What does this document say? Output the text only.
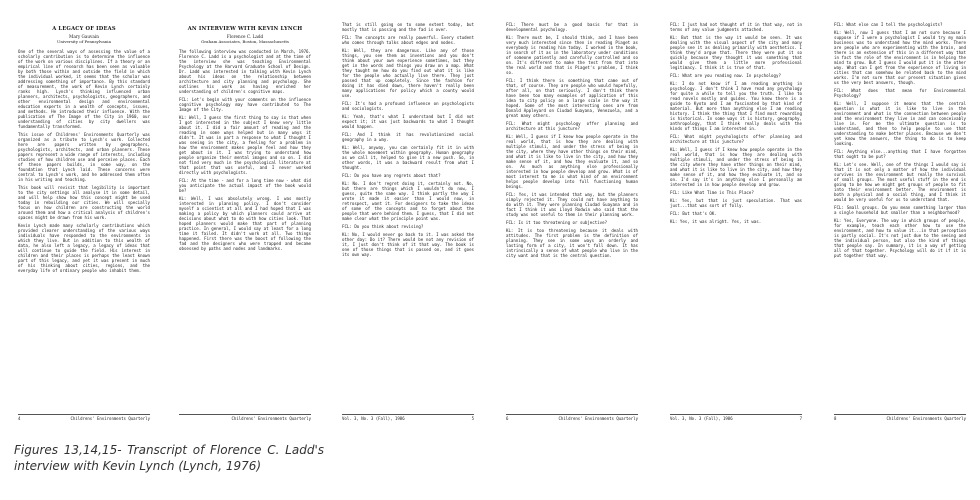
A LEGACY OF IDEAS
Mary Gauvain
University of Pennsylvania

One of the several ways of assessing the value of a scholarly contribution is to determine the influence of the work on various disciplines. If a theory or an empirical line of research has been seen as valuable by both those within and outside the field in which the individual worked, it seems that the scholar was addressing something of importance. By this standard of measurement, the work of Kevin Lynch certainly ranks high. Lynch's thinking influenced urban planners, architects, psychologists, geographers, and other environmental design and environmental education experts in a wealth of concepts, issues, and methods. He introduced their influence. With the publication of The Image of the City in 1960, our understanding of cities by city dwellers was fundamentally transformed.

This issue of Childrens' Environments Quarterly was organized as a tribute to Lynch's work. Collected here are papers written by geographers, psychologists, architects, and urban planners. These papers represent a wide range of interests, including studies of how children use and perceive places. Each of these papers builds, in some way, on the foundation that Lynch laid. These concerns were central to Lynch's work, and he addressed them often in his writing and teaching.

This book will revisit that legibility is important to the city settings all analyse it in some detail, and will help show how this concept might be used today in rebuilding our cities. We will specially focus on how children are constructing the world around them and how a critical analysis of children's spaces might be drawn from his work.

Kevin Lynch made many scholarly contributions which provided clearer understanding of the various ways individuals have responded to the environments in which they live. But in addition to this wealth of data, he also left a legacy, a legacy of ideas that will continue to guide the field. His interest in children and their places is perhaps the least known part of this legacy, and yet it was present in much of his thinking about cities, regions, and the everyday life of ordinary people who inhabit them.

4	Childrens' Environments Quarterly
AN INTERVIEW WITH KEVIN LYNCH
Florence C. Ladd
Graham Associates, Boston, Massachusetts

The following interview was conducted in March, 1976. Florence C. Ladd is a psychologist and at the time of the interview she was teaching Environmental Psychology at the Harvard Graduate School of Design. Dr. Ladd was interested in talking with Kevin Lynch about his ideas on the relationship between architecture and city planning and psychology. She outlines his work as having enriched her understanding of children's cognitive maps.

FCL: Let's begin with your comments on the influence cognitive psychology may have contributed to The Image of the City.

KL: Well, I guess the first thing to say is that when I got interested in the subject I knew very little about it. I did a fair amount of reading and the reading in some ways helped but in many ways it didn't. It was in part a response to what I thought I was seeing in the city, a feeling for a problem in how the environment makes people feel and how they get about in it. I was trying to understand how people organize their mental images and so on. I did not find very much in the psychological literature at that point that was useful, and I never worked directly with psychologists.

FCL: At the time - and for a long time now - what did you anticipate the actual impact of the book would be?

KL: Well, I was absolutely wrong. I was mostly interested in planning policy. I don't consider myself a scientist at all and I had hoped that I was making a policy by which planners could arrive at decisions about what to do with how cities look. That hoped planners would make that part of planning practice. In general, I would say at least for a long time it failed. It didn't work at all. Two things happened. First there was the boost of following the fad and the designers who were trapped and became obsessed by paths and nodes and landmarks.

Childrens' Environments Quarterly

That is still going on to some extent today, but mostly that is passing and the fad is over.

FCL: The concepts are really powerful. Every student who comes through talks about edges and nodes.

KL: Well, they are dangerous. Like any of those things, you see them as inventions and you don't think about your own experience sometimes, but they get in the words and things you draw on a map. What they taught me how do you find out what it is like for the people who actually live there. They just passed that up completely. Since the fashion for doing it has died down, there haven't really been many applications for policy which a county would use.

FCL: It's had a profound influence on psychologists and sociologists.

KL: Yeah, that's what I understand but I did not expect it; it was just backwards to what I thought would happen.

FCL: And I think it has revolutionized social geography in a way.

KL: Well, anyway, you can certainly fit it in with the whole movement within geography. Human geography as we call it, helped to give it a new push. So, in other words, it was a backward result from what I thought.

FCL: Do you have any regrets about that?

KL: No. I don't regret doing it, certainly not. No, but there are things which I wouldn't do now, I guess, quite the same way. I think partly the way I wrote it made it easier than I would now, in retrospect, want it. For designers to take the ideas of some of the concepts and to forget about the people that were behind them. I guess, that I did not make clear what the principle point was.

FCL: Do you think about revising?

KL: No, I would never go back to it. I was asked the other day: Do it? There would be not any revision of it, I just don't think of it that way. The book is one of those things that is passed on, and it goes its own way.

Vol. 3, No. 3 (Fall), 1986	5

FCL: There must be a good basis for that in developmental psychology.

KL: There must be, I should think, and I have been very much interested since then in reading Piaget as everybody is reading him today. I worked in the book, in search of it as in the laboratory under conditions of someone patiently and carefully controlled and so on. It's different to make the test from that into the real world and that is Piaget's problem, I think so.

FCL: I think there is something that came out of that, of course. They are people who would hopefully, after all, on that seriously. I don't think there have been too many examples of application of this idea to city policy on a large scale in the way it hoped. Some of the most interesting ones are from Donald Appleyard on Ciudad Guayana, Venezuela, and a great many others.

FCL: What might psychology offer planning and architecture at this juncture?

KL: Well, I guess if I knew how people operate in the real world, that is how they are dealing with multiple stimuli, and under the stress of being in the city, where they have other things on their mind, and what it is like to live in the city, and how they make sense of it, and how they evaluate it, and so on. As much as anything else professionally interested in how people develop and grow. What is of most interest to me is what kind of an environment helps people develop into full functioning human beings.

FCL: Yes, it was intended that way, but the planners simply rejected it. They could not have anything to do with it. They were planning Ciudad Guayana and in fact I think it was Lloyd Rodwin who said that the study was not useful to them in their planning work.

FCL: Is it too threatening or subjective?

KL: It is too threatening because it deals with attitudes. The first problem is the definition of planning. They see in some ways an orderly and lasting form of a city, it won't fall down. It has intrinsically a sense of what people who live in the city want and that is the central question.

6	Childrens' Environments Quarterly

FCL: I just had not thought of it in that way, not in terms of any value judgments attached.

KL: But that is the way it would be seen. It was dealing with the visual aspect of the city and many people see it as dealing primarily with aesthetics. I think they'd argue that. There they were put it so quickly because they thought it was something that would give them a little more professional legitimacy. I think it is true of that.

FCL: What are you reading now. In psychology?

KL: I do not know if I am reading anything in psychology. I don't think I have read any psychology for quite a while to tell you the truth. I like to read novels mostly and guides. You know there is a guide to Kyoto and I am fascinated by that kind of material. But more than anything else I am reading history. I think the thing that I find most rewarding is historical. In some ways it is history, geography, anthropology, that I think really deals with the kinds of things I am interested in.

FCL: What might psychologists offer planning and architecture at this juncture?

KL: Well, I guess if I knew how people operate in the real world, that is how they are dealing with multiple stimuli, and under the stress of being in the city where they have other things on their mind, and what it is like to live in the city, and how they make sense of it, and how they evaluate it, and so on. I'd say it's in anything else I personally am interested in in how people develop and grow.

FCL: Like What Time is This Place?

KL: Yes, but that is just speculation. That was just...that was sort of folly.

FCL: But that's OK.

KL: Yes, it was alright. Yes, it was.

Vol. 3, No. 3 (Fall), 1986	7

FCL: What else can I tell the psychologists?

KL: Well, now I guess that I am not sure because I suppose if I were a psychologist I would try my main business was to understand how the mind works. There are people who are experimenting with the brain, and there is an extension of this in a different way that in fact the role of the environment is in helping the mind to grow. But I guess I would put it in the other way. What can I get from the experience of living in cities that can somehow be related back to the mind works. I'm not sure that our present situation gives us the very best answers, though.

FCL: What does that mean for Environmental Psychology?

KL: Well, I suppose it means that the central question is what it is like to live in the environment and what is the connection between people and the environment they live in and can conceivably live in. For me the ultimate question is to understand, and then to help people to use that understanding to make better places. Because we don't yet know the answers, the thing to do is to keep looking.

FCL: Anything else...anything that I have forgotten that ought to be put?

KL: Let's see. Well, one of the things I would say is that it is not only a matter of how the individual survives in the environment but really the survival of small groups. The most useful stuff in the end is going to be how we might get groups of people to fit into their environment better. The environment is both a physical and a social thing, and I think it would be very useful for us to understand that.

FCL: Small groups. Do you mean something larger than a single household but smaller than a neighborhood?

KL: Yes, Everyone. The way in which groups of people, for example, teach each other how to use the environment, and how to value it...in that perception is partly social. It's not just due to the seeing and the individual person, but also the kind of things that people say. In summary, it is a way of getting all of that together. Psychology will do it if it is put together that way.

8	Childrens' Environments Quarterly
Figures 13,14,15- Transcript of Florence C. Ladd's interview with Kevin Lynch (Lynch, 1976)
